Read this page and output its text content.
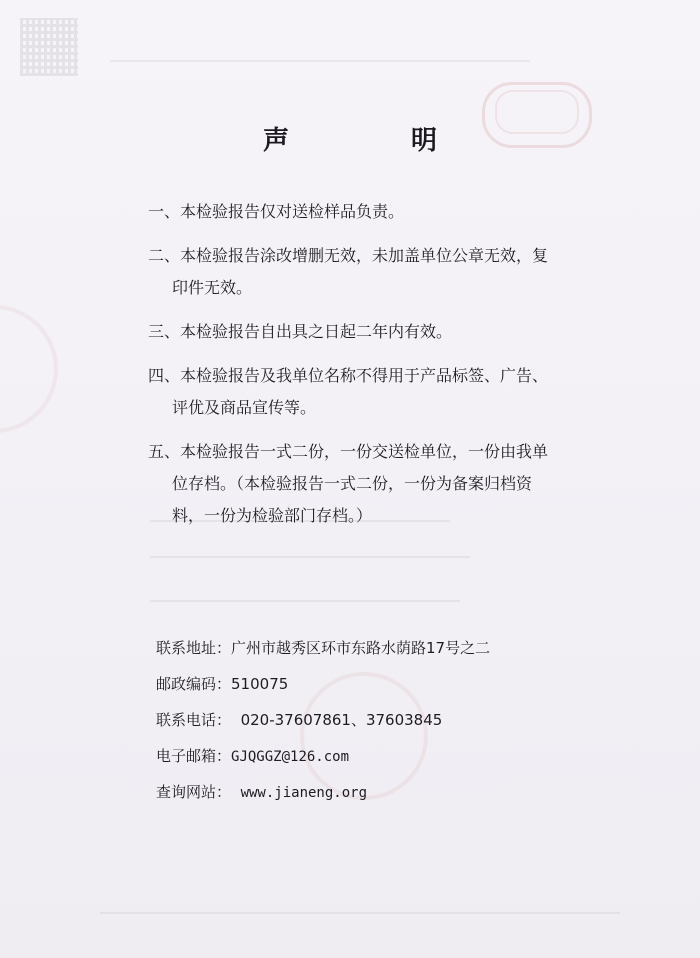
声　明
一、本检验报告仅对送检样品负责。
二、本检验报告涂改增删无效，未加盖单位公章无效，复
印件无效。
三、本检验报告自出具之日起二年内有效。
四、本检验报告及我单位名称不得用于产品标签、广告、
评优及商品宣传等。
五、本检验报告一式二份，一份交送检单位，一份由我单
位存档。（本检验报告一式二份，一份为备案归档资
料，一份为检验部门存档。）
联系地址：广州市越秀区环市东路水荫路17号之二
邮政编码：510075
联系电话： 020-37607861、37603845
电子邮箱：GJQGGZ@126.com
查询网站： www.jianeng.org
